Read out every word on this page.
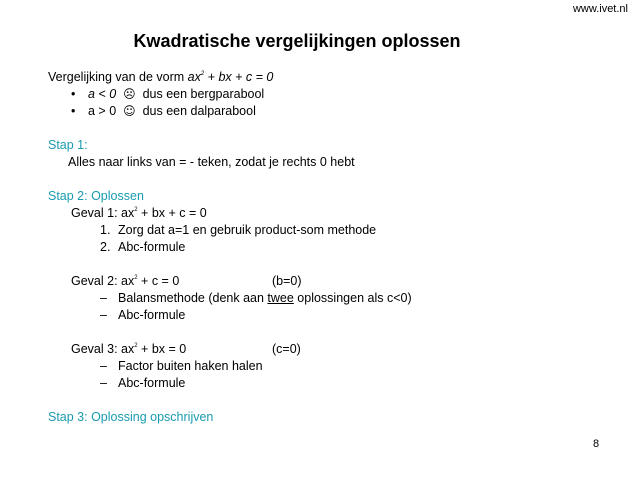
www.ivet.nl
Kwadratische vergelijkingen oplossen
Vergelijking van de vorm $ax^2$ + bx + c = 0
• a < 0 ☹ dus een bergparabool
• a > 0 ☺ dus een dalparabool
Stap 1:
Alles naar links van = - teken, zodat je rechts 0 hebt
Stap 2: Oplossen
Geval 1: $ax^2$ + bx + c = 0
1. Zorg dat a=1 en gebruik product-som methode
2. Abc-formule
Geval 2: $ax^2 + c = 0$	(b=0)
– Balansmethode (denk aan twee oplossingen als c<0)
– Abc-formule
Geval 3: $ax^2$ + bx = 0	(c=0)
– Factor buiten haken halen
– Abc-formule
Stap 3: Oplossing opschrijven
8
